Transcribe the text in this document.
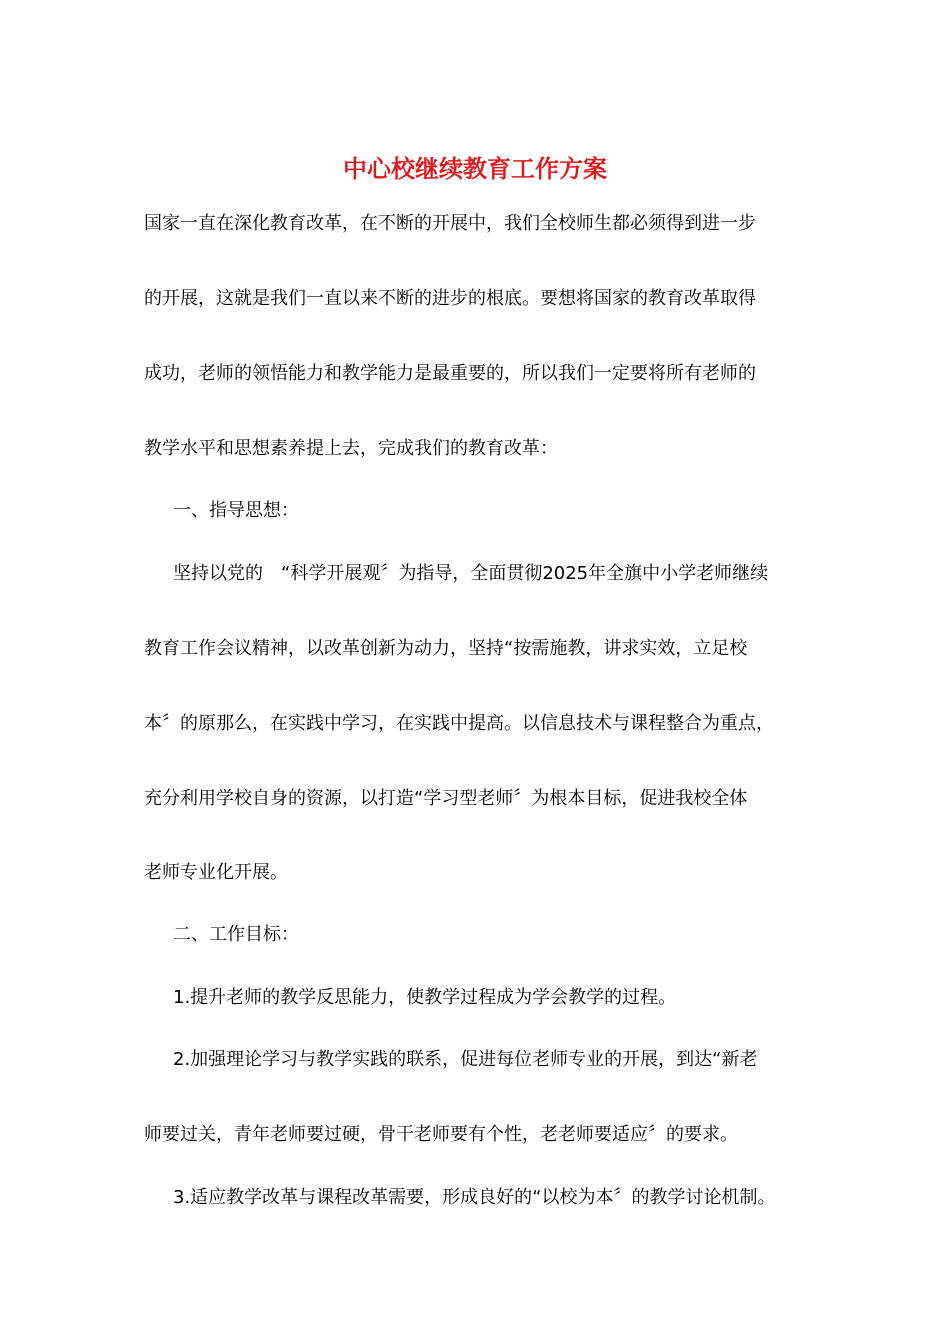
中心校继续教育工作方案
国家一直在深化教育改革，在不断的开展中，我们全校师生都必须得到进一步
的开展，这就是我们一直以来不断的进步的根底。要想将国家的教育改革取得
成功，老师的领悟能力和教学能力是最重要的，所以我们一定要将所有老师的
教学水平和思想素养提上去，完成我们的教育改革：
一、指导思想：
坚持以党的　“科学开展观〞为指导，全面贯彻2025年全旗中小学老师继续
教育工作会议精神，以改革创新为动力，坚持“按需施教，讲求实效，立足校
本〞的原那么，在实践中学习，在实践中提高。以信息技术与课程整合为重点，
充分利用学校自身的资源，以打造“学习型老师〞为根本目标，促进我校全体
老师专业化开展。
二、工作目标：
1.提升老师的教学反思能力，使教学过程成为学会教学的过程。
2.加强理论学习与教学实践的联系，促进每位老师专业的开展，到达“新老
师要过关，青年老师要过硬，骨干老师要有个性，老老师要适应〞的要求。
3.适应教学改革与课程改革需要，形成良好的“以校为本〞的教学讨论机制。
